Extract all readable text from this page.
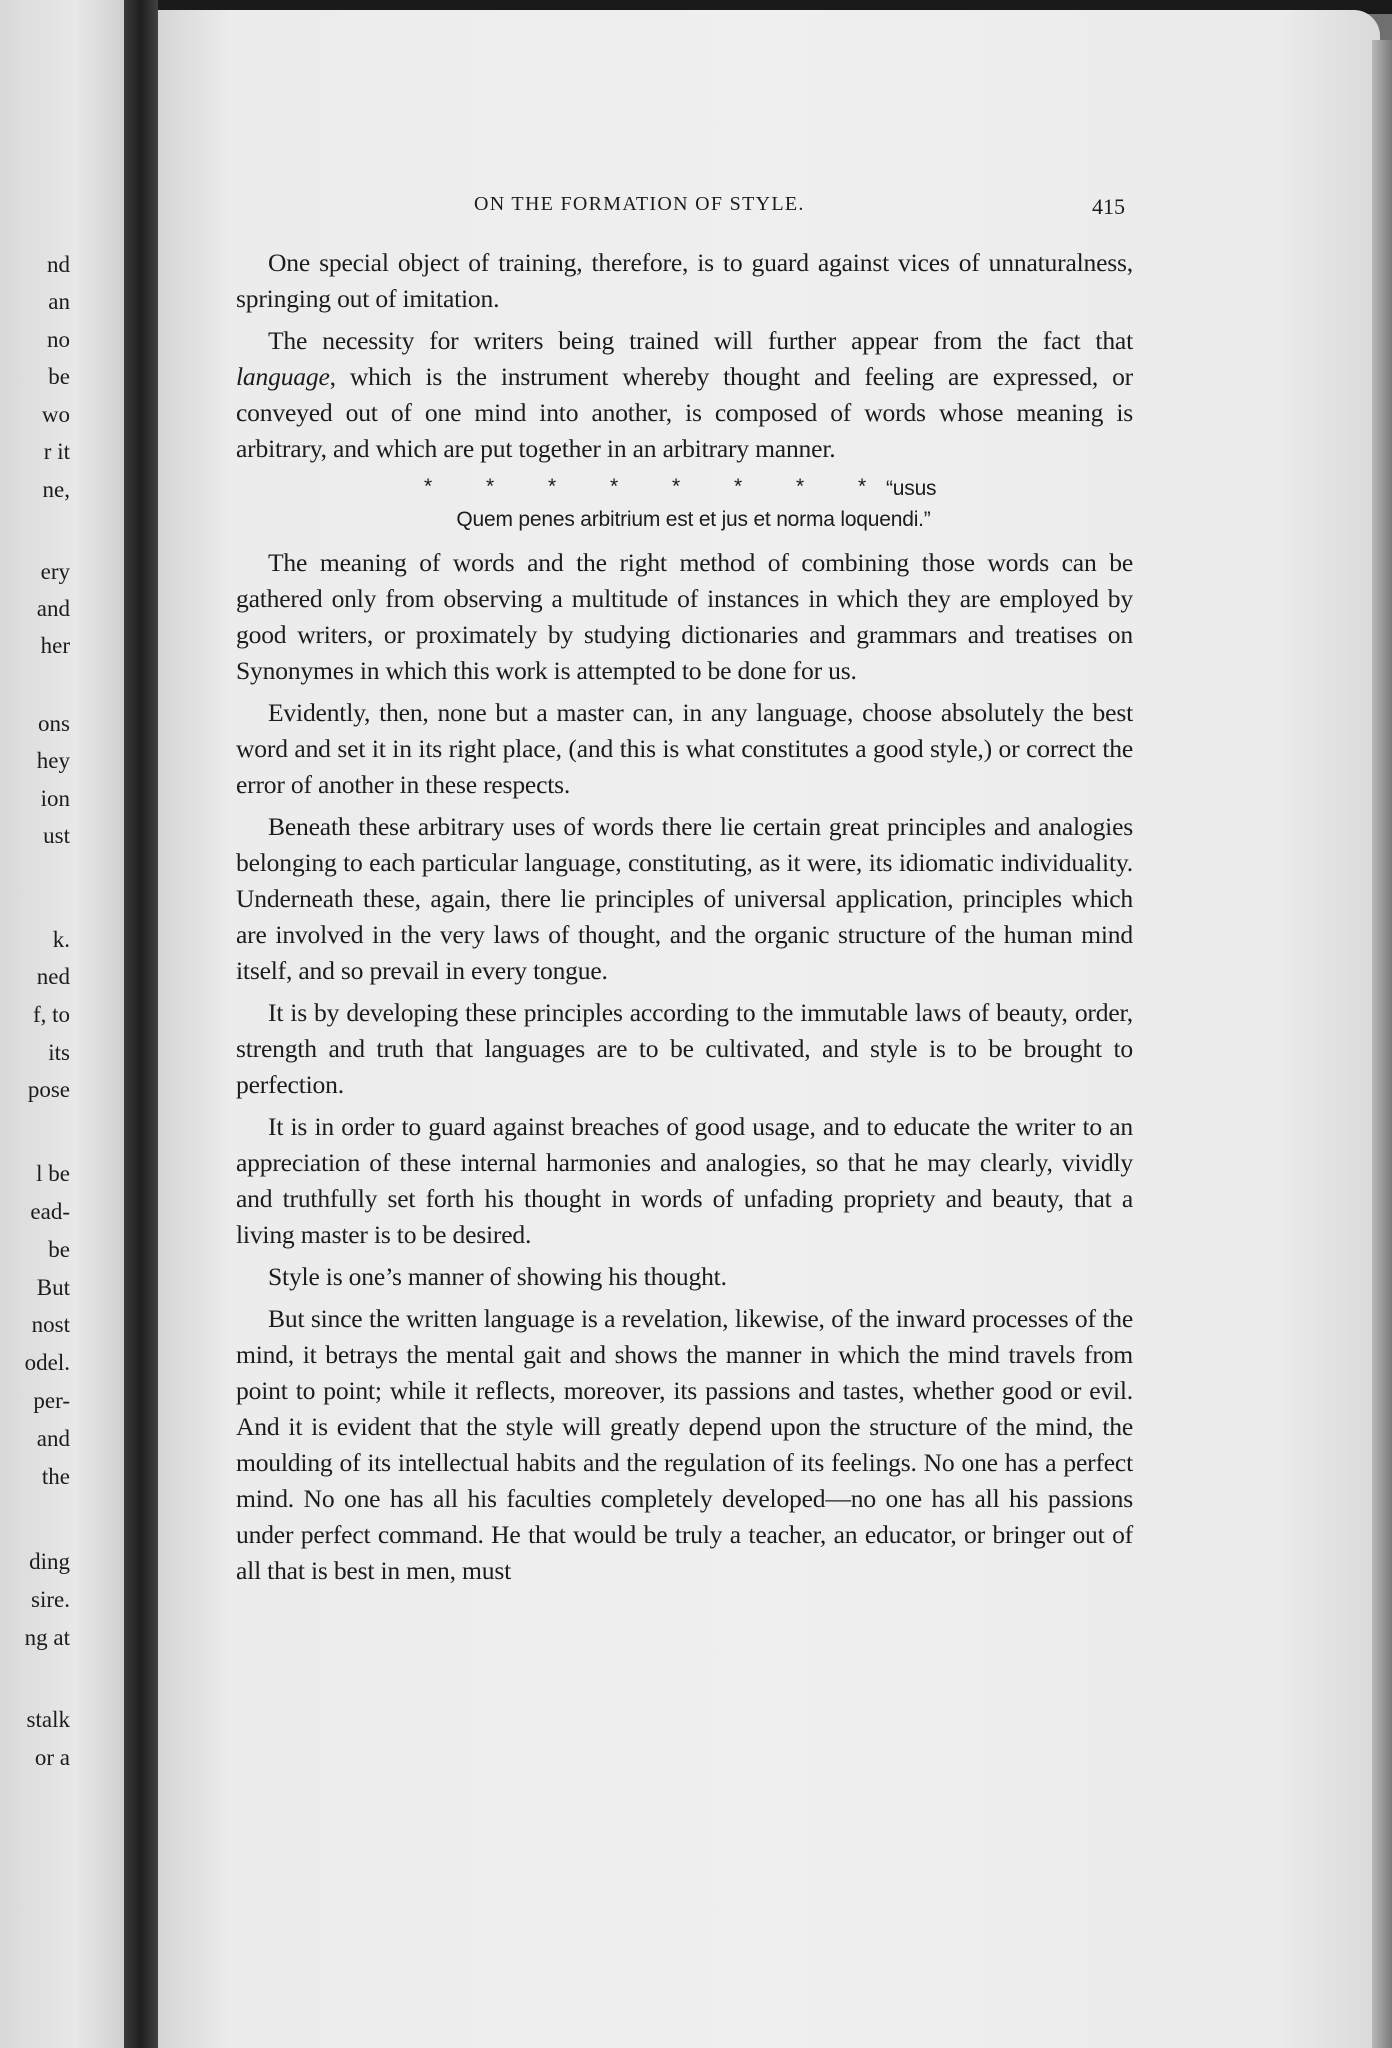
nd
an
no
be
wo
r it
ne,
ery
and
her
ons
hey
ion
ust
k.
ned
f, to
its
pose
l be
ead-
be
But
nost
odel.
per-
and
the
ding
sire.
ng at
stalk
or a
ON THE FORMATION OF STYLE.	415

One special object of training, therefore, is to guard against vices of unnaturalness, springing out of imitation.

The necessity for writers being trained will further appear from the fact that language, which is the instrument whereby thought and feeling are expressed, or conveyed out of one mind into another, is composed of words whose meaning is arbitrary, and which are put together in an arbitrary manner.

* * * * * * * *
“usus
Quem penes arbitrium est et jus et norma loquendi.”

The meaning of words and the right method of combining those words can be gathered only from observing a multitude of instances in which they are employed by good writers, or proximately by studying dictionaries and grammars and treatises on Synonymes in which this work is attempted to be done for us.

Evidently, then, none but a master can, in any language, choose absolutely the best word and set it in its right place, (and this is what constitutes a good style,) or correct the error of another in these respects.

Beneath these arbitrary uses of words there lie certain great principles and analogies belonging to each particular language, constituting, as it were, its idiomatic individuality. Underneath these, again, there lie principles of universal application, principles which are involved in the very laws of thought, and the organic structure of the human mind itself, and so prevail in every tongue.

It is by developing these principles according to the immutable laws of beauty, order, strength and truth that languages are to be cultivated, and style is to be brought to perfection.

It is in order to guard against breaches of good usage, and to educate the writer to an appreciation of these internal harmonies and analogies, so that he may clearly, vividly and truthfully set forth his thought in words of unfading propriety and beauty, that a living master is to be desired.

Style is one’s manner of showing his thought.

But since the written language is a revelation, likewise, of the inward processes of the mind, it betrays the mental gait and shows the manner in which the mind travels from point to point; while it reflects, moreover, its passions and tastes, whether good or evil. And it is evident that the style will greatly depend upon the structure of the mind, the moulding of its intellectual habits and the regulation of its feelings. No one has a perfect mind. No one has all his faculties completely developed—no one has all his passions under perfect command. He that would be truly a teacher, an educator, or bringer out of all that is best in men, must
